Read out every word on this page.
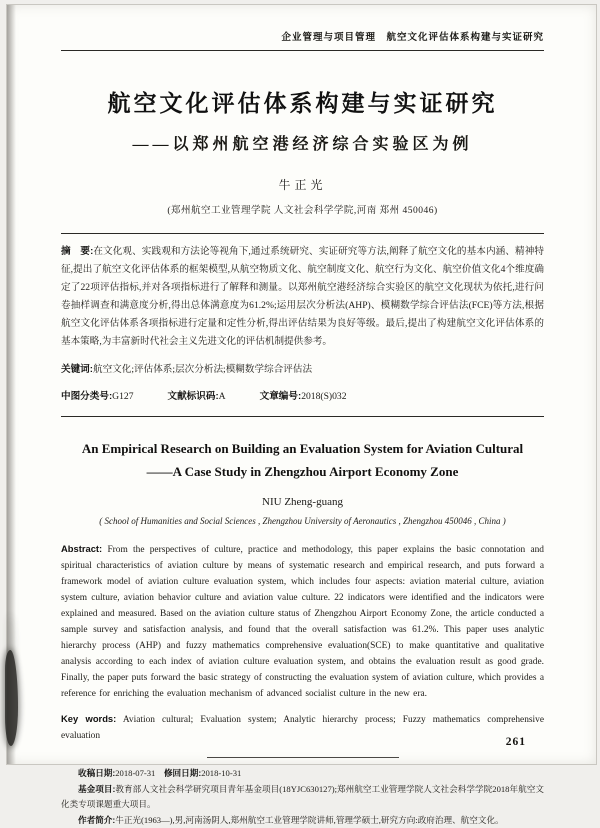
企业管理与项目管理　航空文化评估体系构建与实证研究
航空文化评估体系构建与实证研究
——以郑州航空港经济综合实验区为例
牛正光
(郑州航空工业管理学院 人文社会科学学院,河南 郑州 450046)

摘　要:在文化观、实践观和方法论等视角下,通过系统研究、实证研究等方法,阐释了航空文化的基本内涵、精神特征,提出了航空文化评估体系的框架模型,从航空物质文化、航空制度文化、航空行为文化、航空价值文化4个维度确定了22项评估指标,并对各项指标进行了解释和测量。以郑州航空港经济综合实验区的航空文化现状为依托,进行问卷抽样调查和满意度分析,得出总体满意度为61.2%;运用层次分析法(AHP)、模糊数学综合评估法(FCE)等方法,根据航空文化评估体系各项指标进行定量和定性分析,得出评估结果为良好等级。最后,提出了构建航空文化评估体系的基本策略,为丰富新时代社会主义先进文化的评估机制提供参考。

关键词:航空文化;评估体系;层次分析法;模糊数学综合评估法

中图分类号:G127	文献标识码:A	文章编号:2018(S)032

An Empirical Research on Building an Evaluation System for Aviation Cultural
——A Case Study in Zhengzhou Airport Economy Zone
NIU Zheng-guang
( School of Humanities and Social Sciences , Zhengzhou University of Aeronautics , Zhengzhou 450046 , China )

Abstract: From the perspectives of culture, practice and methodology, this paper explains the basic connotation and spiritual characteristics of aviation culture by means of systematic research and empirical research, and puts forward a framework model of aviation culture evaluation system, which includes four aspects: aviation material culture, aviation system culture, aviation behavior culture and aviation value culture. 22 indicators were identified and the indicators were explained and measured. Based on the aviation culture status of Zhengzhou Airport Economy Zone, the article conducted a sample survey and satisfaction analysis, and found that the overall satisfaction was 61.2%. This paper uses analytic hierarchy process (AHP) and fuzzy mathematics comprehensive evaluation(SCE) to make quantitative and qualitative analysis according to each index of aviation culture evaluation system, and obtains the evaluation result as good grade. Finally, the paper puts forward the basic strategy of constructing the evaluation system of aviation culture, which provides a reference for enriching the evaluation mechanism of advanced socialist culture in the new era.

Key words: Aviation cultural; Evaluation system; Analytic hierarchy process; Fuzzy mathematics comprehensive evaluation

收稿日期:2018-07-31 修回日期:2018-10-31

基金项目:教育部人文社会科学研究项目青年基金项目(18YJC630127);郑州航空工业管理学院人文社会科学学院2018年航空文化类专项课题重大项目。

作者简介:牛正光(1963—),男,河南汤阴人,郑州航空工业管理学院讲师,管理学硕士,研究方向:政府治理、航空文化。

261
